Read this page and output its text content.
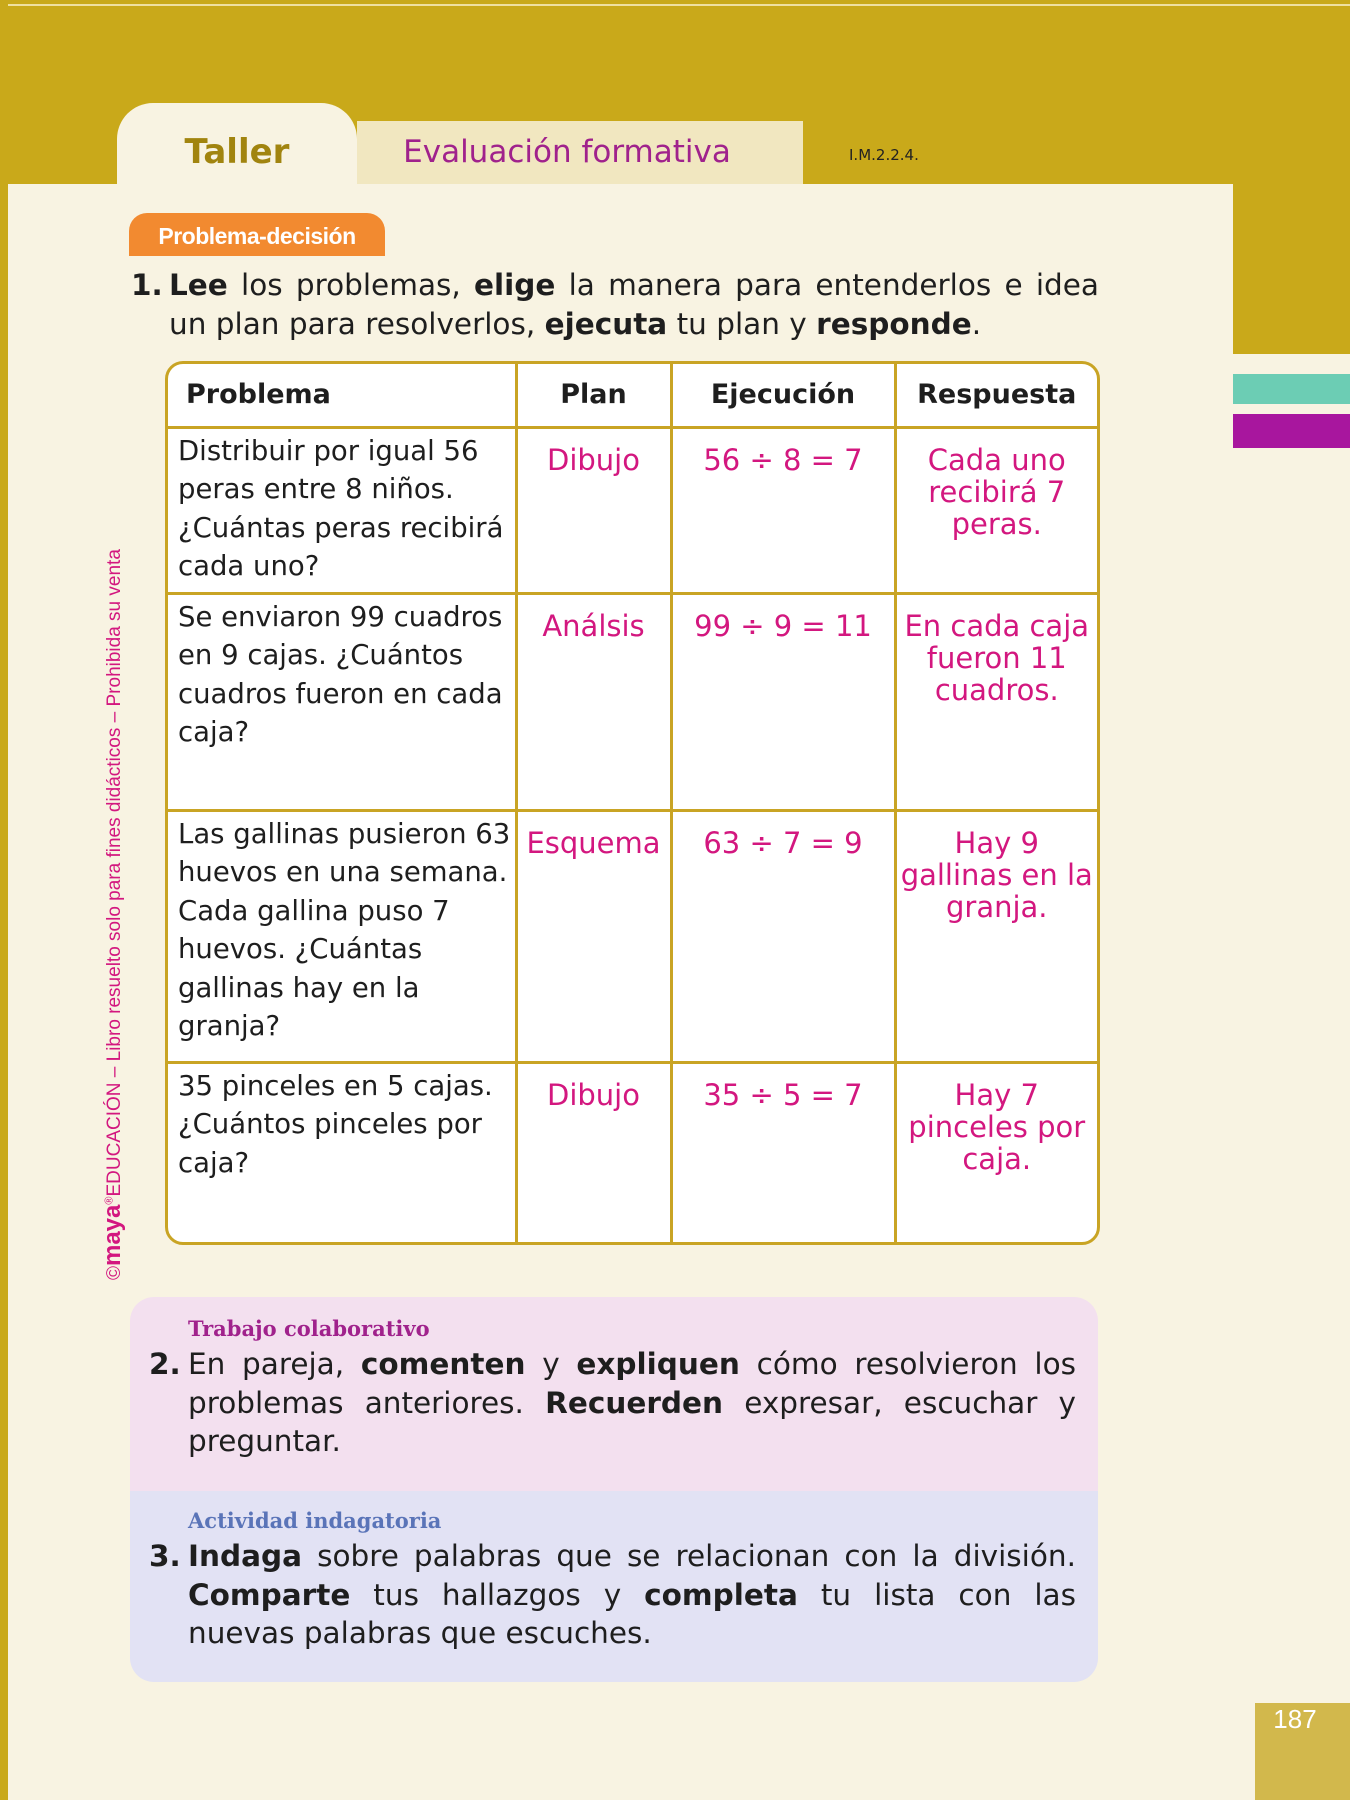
Taller	Evaluación formativa	I.M.2.2.4.
Problema-decisión
1. Lee los problemas, elige la manera para entenderlos e idea un plan para resolverlos, ejecuta tu plan y responde.
Problema	Plan	Ejecución	Respuesta
Distribuir por igual 56 peras entre 8 niños. ¿Cuántas peras recibirá cada uno?	Dibujo	56 ÷ 8 = 7	Cada uno recibirá 7 peras.
Se enviaron 99 cuadros en 9 cajas. ¿Cuántos cuadros fueron en cada caja?	Análsis	99 ÷ 9 = 11	En cada caja fueron 11 cuadros.
Las gallinas pusieron 63 huevos en una semana. Cada gallina puso 7 huevos. ¿Cuántas gallinas hay en la granja?	Esquema	63 ÷ 7 = 9	Hay 9 gallinas en la granja.
35 pinceles en 5 cajas. ¿Cuántos pinceles por caja?	Dibujo	35 ÷ 5 = 7	Hay 7 pinceles por caja.
Trabajo colaborativo
2. En pareja, comenten y expliquen cómo resolvieron los problemas anteriores. Recuerden expresar, escuchar y preguntar.
Actividad indagatoria
3. Indaga sobre palabras que se relacionan con la división. Comparte tus hallazgos y completa tu lista con las nuevas palabras que escuches.
©maya®EDUCACIÓN – Libro resuelto solo para fines didácticos – Prohibida su venta
187
